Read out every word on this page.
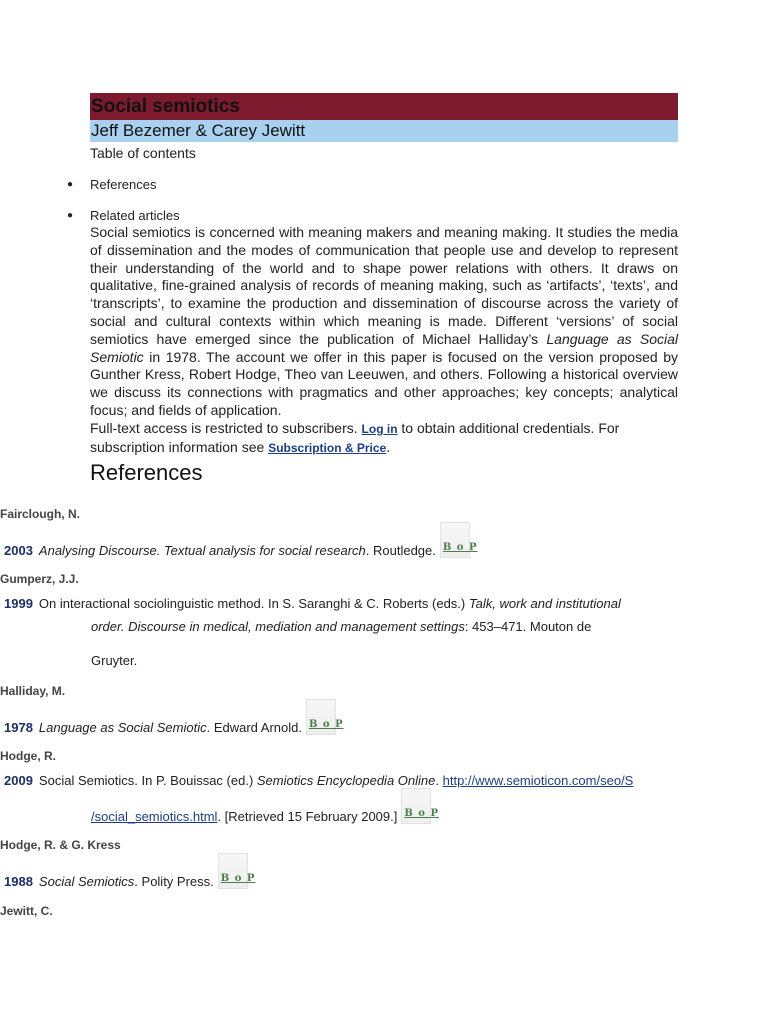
Social semiotics
Jeff Bezemer & Carey Jewitt
Table of contents
● References
● Related articles

Social semiotics is concerned with meaning makers and meaning making. It studies the media of dissemination and the modes of communication that people use and develop to represent their understanding of the world and to shape power relations with others. It draws on qualitative, fine-grained analysis of records of meaning making, such as ‘artifacts’, ‘texts’, and ‘transcripts’, to examine the production and dissemination of discourse across the variety of social and cultural contexts within which meaning is made. Different ‘versions’ of social semiotics have emerged since the publication of Michael Halliday’s Language as Social Semiotic in 1978. The account we offer in this paper is focused on the version proposed by Gunther Kress, Robert Hodge, Theo van Leeuwen, and others. Following a historical overview we discuss its connections with pragmatics and other approaches; key concepts; analytical focus; and fields of application.

Full-text access is restricted to subscribers. Log in to obtain additional credentials. For subscription information see Subscription & Price.

References
Fairclough, N.
2003 Analysing Discourse. Textual analysis for social research. Routledge. B o P
Gumperz, J.J.
1999 On interactional sociolinguistic method. In S. Saranghi & C. Roberts (eds.) Talk, work and institutional
order. Discourse in medical, mediation and management settings: 453–471. Mouton de
Gruyter.
Halliday, M.
1978 Language as Social Semiotic. Edward Arnold. B o P
Hodge, R.
2009 Social Semiotics. In P. Bouissac (ed.) Semiotics Encyclopedia Online. http://www.semioticon.com/seo/S
/social_semiotics.html. [Retrieved 15 February 2009.] B o P
Hodge, R. & G. Kress
1988 Social Semiotics. Polity Press. B o P
Jewitt, C.
